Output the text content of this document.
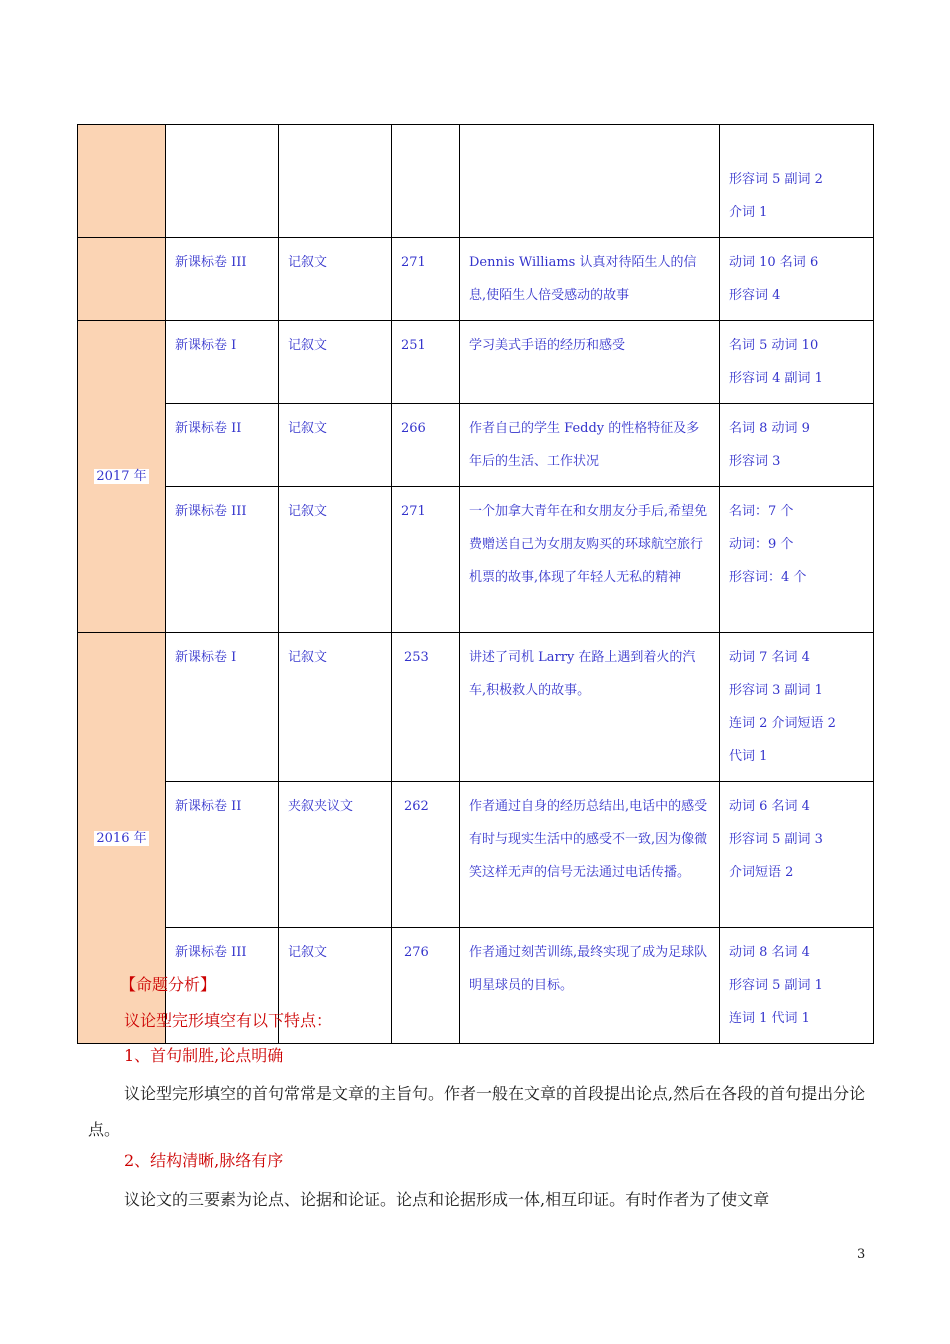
					形容词 5 副词 2
介词 1

	新课标卷 III	记叙文	271	Dennis Williams 认真对待陌生人的信息,使陌生人倍受感动的故事	动词 10 名词 6
形容词 4

2017 年	新课标卷 I	记叙文	251	学习美式手语的经历和感受	名词 5 动词 10
形容词 4 副词 1

	新课标卷 II	记叙文	266	作者自己的学生 Feddy 的性格特征及多年后的生活、工作状况	名词 8 动词 9
形容词 3

	新课标卷 III	记叙文	271	一个加拿大青年在和女朋友分手后,希望免费赠送自己为女朋友购买的环球航空旅行机票的故事,体现了年轻人无私的精神	名词：7 个
动词：9 个
形容词：4 个

2016 年	新课标卷 I	记叙文	253	讲述了司机 Larry 在路上遇到着火的汽车,积极救人的故事。	动词 7 名词 4
形容词 3 副词 1
连词 2 介词短语 2
代词 1

	新课标卷 II	夹叙夹议文	262	作者通过自身的经历总结出,电话中的感受有时与现实生活中的感受不一致,因为像微笑这样无声的信号无法通过电话传播。	动词 6 名词 4
形容词 5 副词 3
介词短语 2

	新课标卷 III	记叙文	276	作者通过刻苦训练,最终实现了成为足球队明星球员的目标。	动词 8 名词 4
形容词 5 副词 1
连词 1 代词 1
【命题分析】
议论型完形填空有以下特点：
1、首句制胜,论点明确
议论型完形填空的首句常常是文章的主旨句。作者一般在文章的首段提出论点,然后在各段的首句提出分论点。
2、结构清晰,脉络有序
议论文的三要素为论点、论据和论证。论点和论据形成一体,相互印证。有时作者为了使文章
3
